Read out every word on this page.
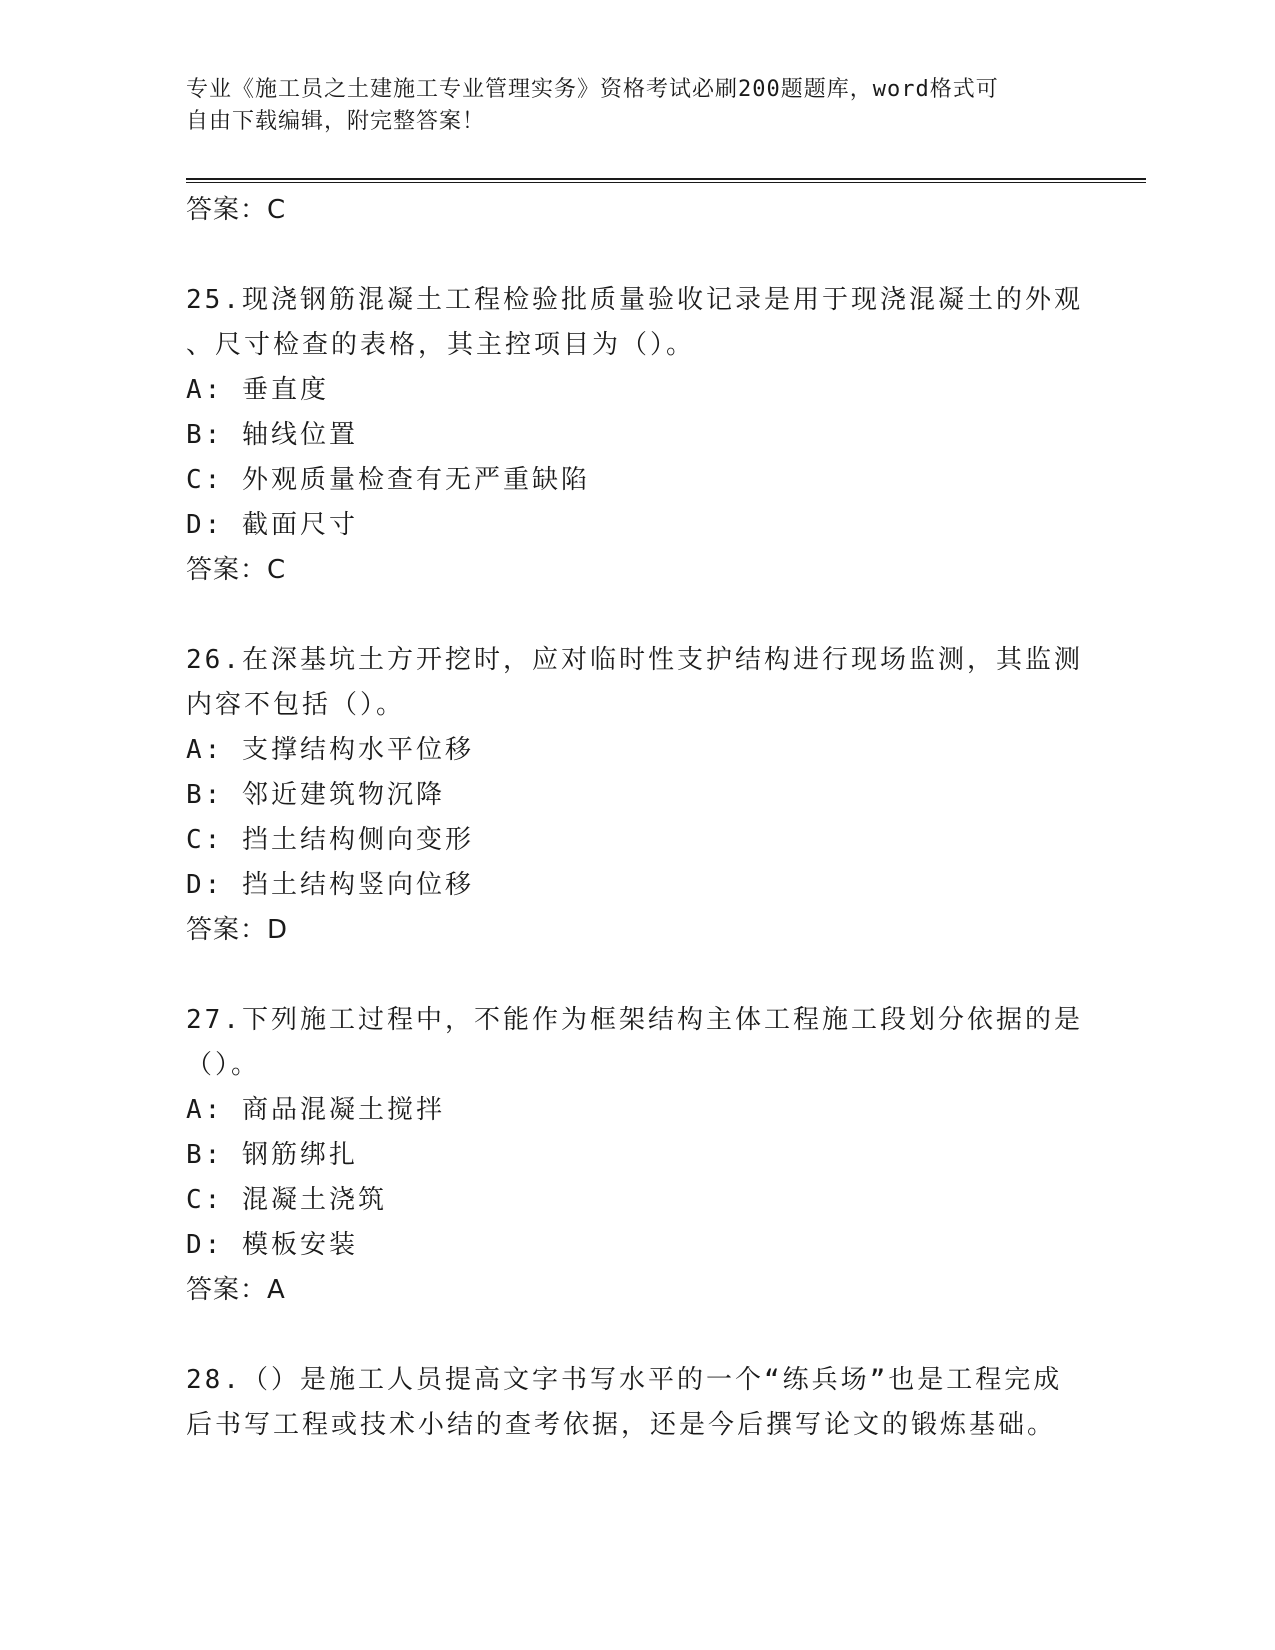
专业《施工员之土建施工专业管理实务》资格考试必刷200题题库，word格式可
自由下载编辑，附完整答案！
答案：C
25.现浇钢筋混凝土工程检验批质量验收记录是用于现浇混凝土的外观
、尺寸检查的表格，其主控项目为（）。
A: 垂直度
B: 轴线位置
C: 外观质量检查有无严重缺陷
D: 截面尺寸
答案：C
26.在深基坑土方开挖时，应对临时性支护结构进行现场监测，其监测
内容不包括（）。
A: 支撑结构水平位移
B: 邻近建筑物沉降
C: 挡土结构侧向变形
D: 挡土结构竖向位移
答案：D
27.下列施工过程中，不能作为框架结构主体工程施工段划分依据的是
（）。
A: 商品混凝土搅拌
B: 钢筋绑扎
C: 混凝土浇筑
D: 模板安装
答案：A
28.（）是施工人员提高文字书写水平的一个“练兵场”也是工程完成
后书写工程或技术小结的查考依据，还是今后撰写论文的锻炼基础。
